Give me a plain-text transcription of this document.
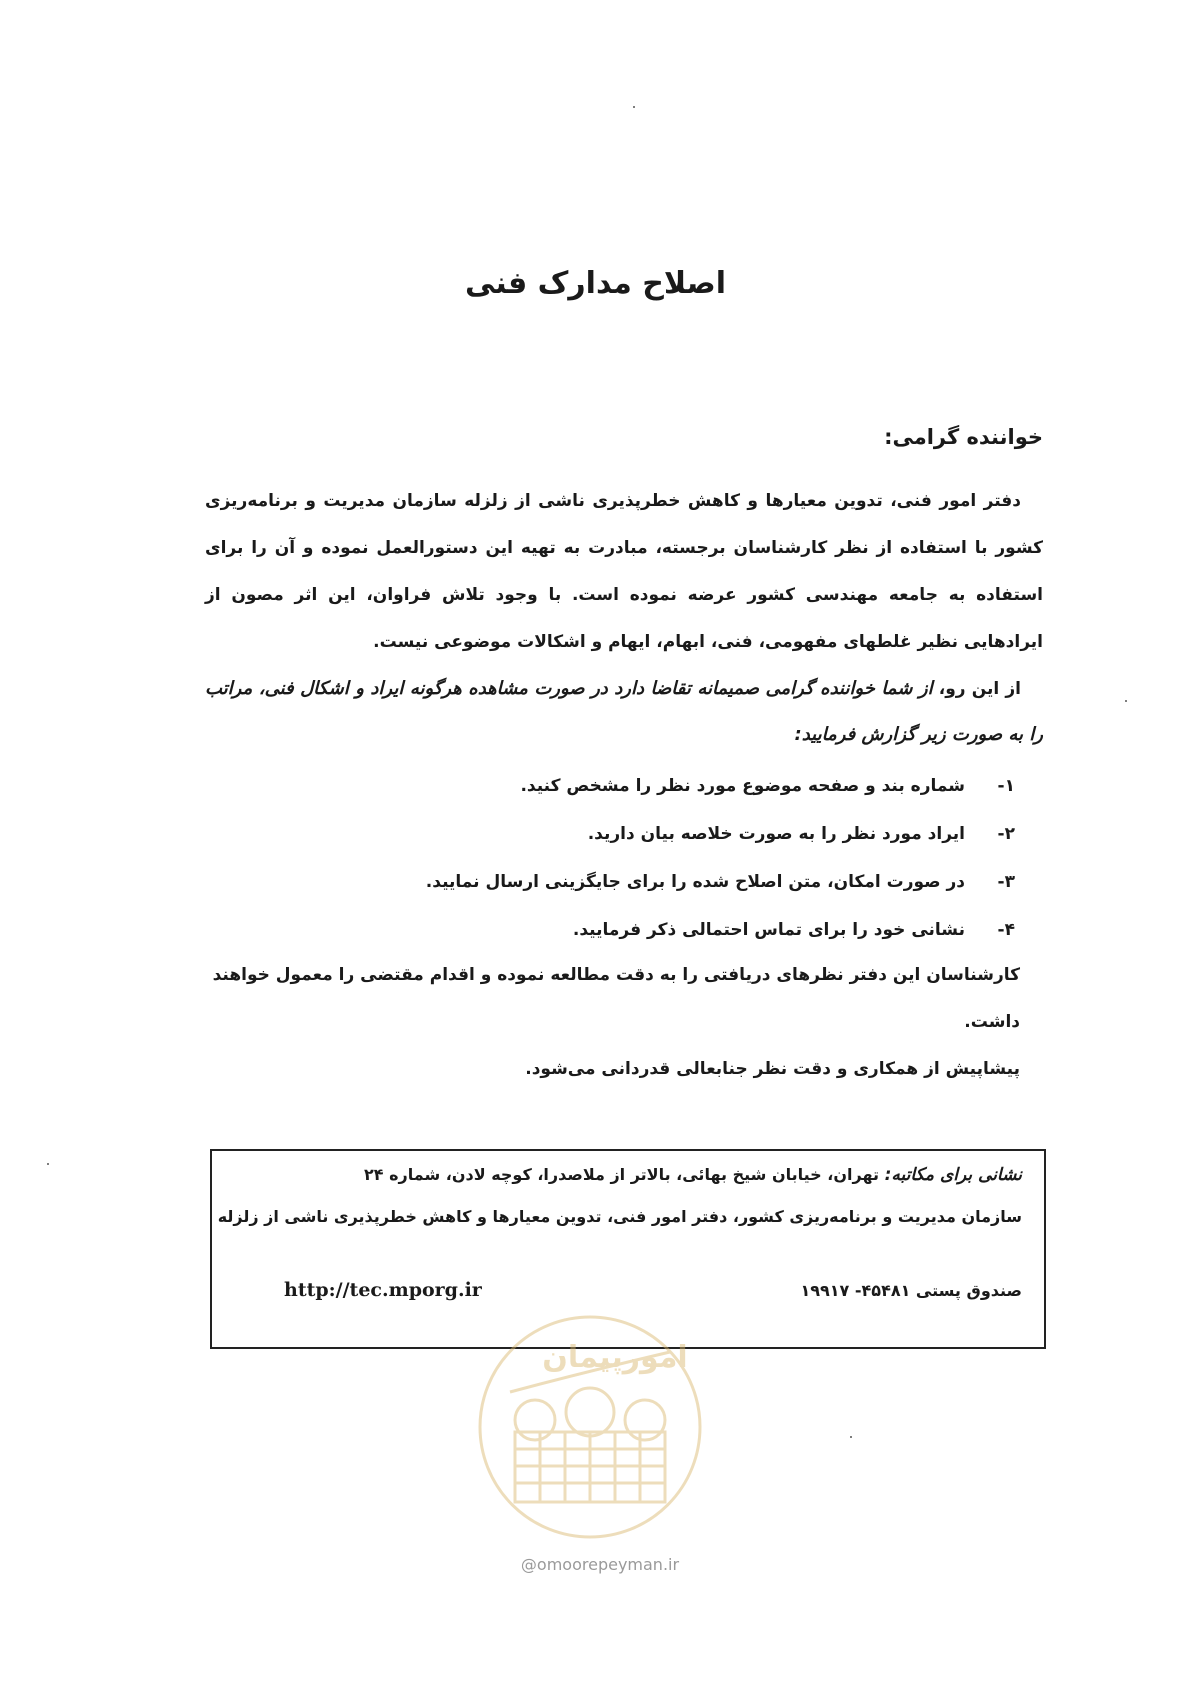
اصلاح مدارک فنی
خواننده گرامی:
دفتر امور فنی، تدوین معیارها و کاهش خطرپذیری ناشی از زلزله سازمان مدیریت و برنامه‌ریزی کشور با استفاده از نظر کارشناسان برجسته، مبادرت به تهیه این دستورالعمل نموده و آن را برای استفاده به جامعه مهندسی کشور عرضه نموده است. با وجود تلاش فراوان، این اثر مصون از ایرادهایی نظیر غلطهای مفهومی، فنی، ابهام، ایهام و اشکالات موضوعی نیست.
از این رو، از شما خواننده گرامی صمیمانه تقاضا دارد در صورت مشاهده هرگونه ایراد و اشکال فنی، مراتب را به صورت زیر گزارش فرمایید:
۱-شماره بند و صفحه موضوع مورد نظر را مشخص کنید.
۲-ایراد مورد نظر را به صورت خلاصه بیان دارید.
۳-در صورت امکان، متن اصلاح شده را برای جایگزینی ارسال نمایید.
۴-نشانی خود را برای تماس احتمالی ذکر فرمایید.
کارشناسان این دفتر نظرهای دریافتی را به دقت مطالعه نموده و اقدام مقتضی را معمول خواهند داشت.
پیشاپیش از همکاری و دقت نظر جنابعالی قدردانی می‌شود.
نشانی برای مکاتبه: تهران، خیابان شیخ بهائی، بالاتر از ملاصدرا، کوچه لادن، شماره ۲۴
سازمان مدیریت و برنامه‌ریزی کشور، دفتر امور فنی، تدوین معیارها و کاهش خطرپذیری ناشی از زلزله
صندوق پستی ۴۵۴۸۱- ۱۹۹۱۷
http://tec.mporg.ir
امورپیمان
@omoorepeyman.ir
